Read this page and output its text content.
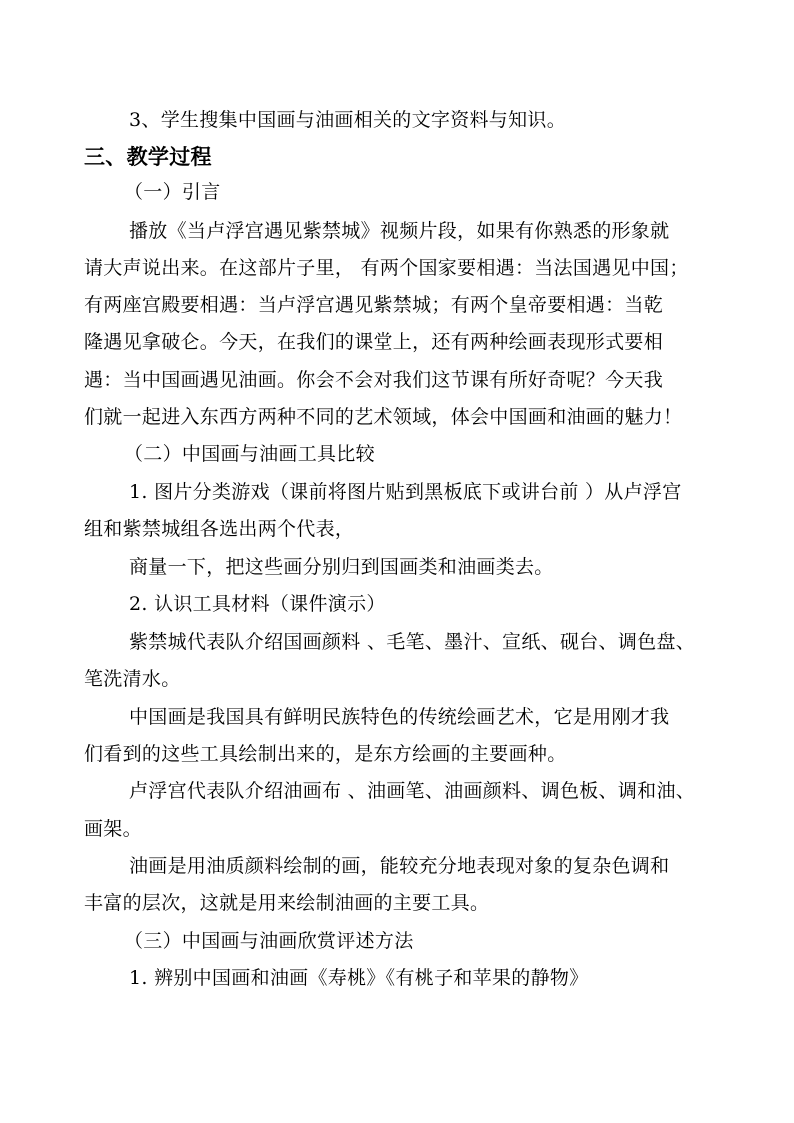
3、学生搜集中国画与油画相关的文字资料与知识。
三、教学过程
（一）引言
播放《当卢浮宫遇见紫禁城》视频片段，如果有你熟悉的形象就
请大声说出来。在这部片子里， 有两个国家要相遇：当法国遇见中国；
有两座宫殿要相遇：当卢浮宫遇见紫禁城；有两个皇帝要相遇：当乾
隆遇见拿破仑。今天，在我们的课堂上，还有两种绘画表现形式要相
遇：当中国画遇见油画。你会不会对我们这节课有所好奇呢？今天我
们就一起进入东西方两种不同的艺术领域，体会中国画和油画的魅力！
（二）中国画与油画工具比较
1. 图片分类游戏（课前将图片贴到黑板底下或讲台前 ）从卢浮宫
组和紫禁城组各选出两个代表，
商量一下，把这些画分别归到国画类和油画类去。
2. 认识工具材料（课件演示）
紫禁城代表队介绍国画颜料 、毛笔、墨汁、宣纸、砚台、调色盘、
笔洗清水。
中国画是我国具有鲜明民族特色的传统绘画艺术，它是用刚才我
们看到的这些工具绘制出来的，是东方绘画的主要画种。
卢浮宫代表队介绍油画布 、油画笔、油画颜料、调色板、调和油、
画架。
油画是用油质颜料绘制的画，能较充分地表现对象的复杂色调和
丰富的层次，这就是用来绘制油画的主要工具。
（三）中国画与油画欣赏评述方法
1. 辨别中国画和油画《寿桃》《有桃子和苹果的静物》
